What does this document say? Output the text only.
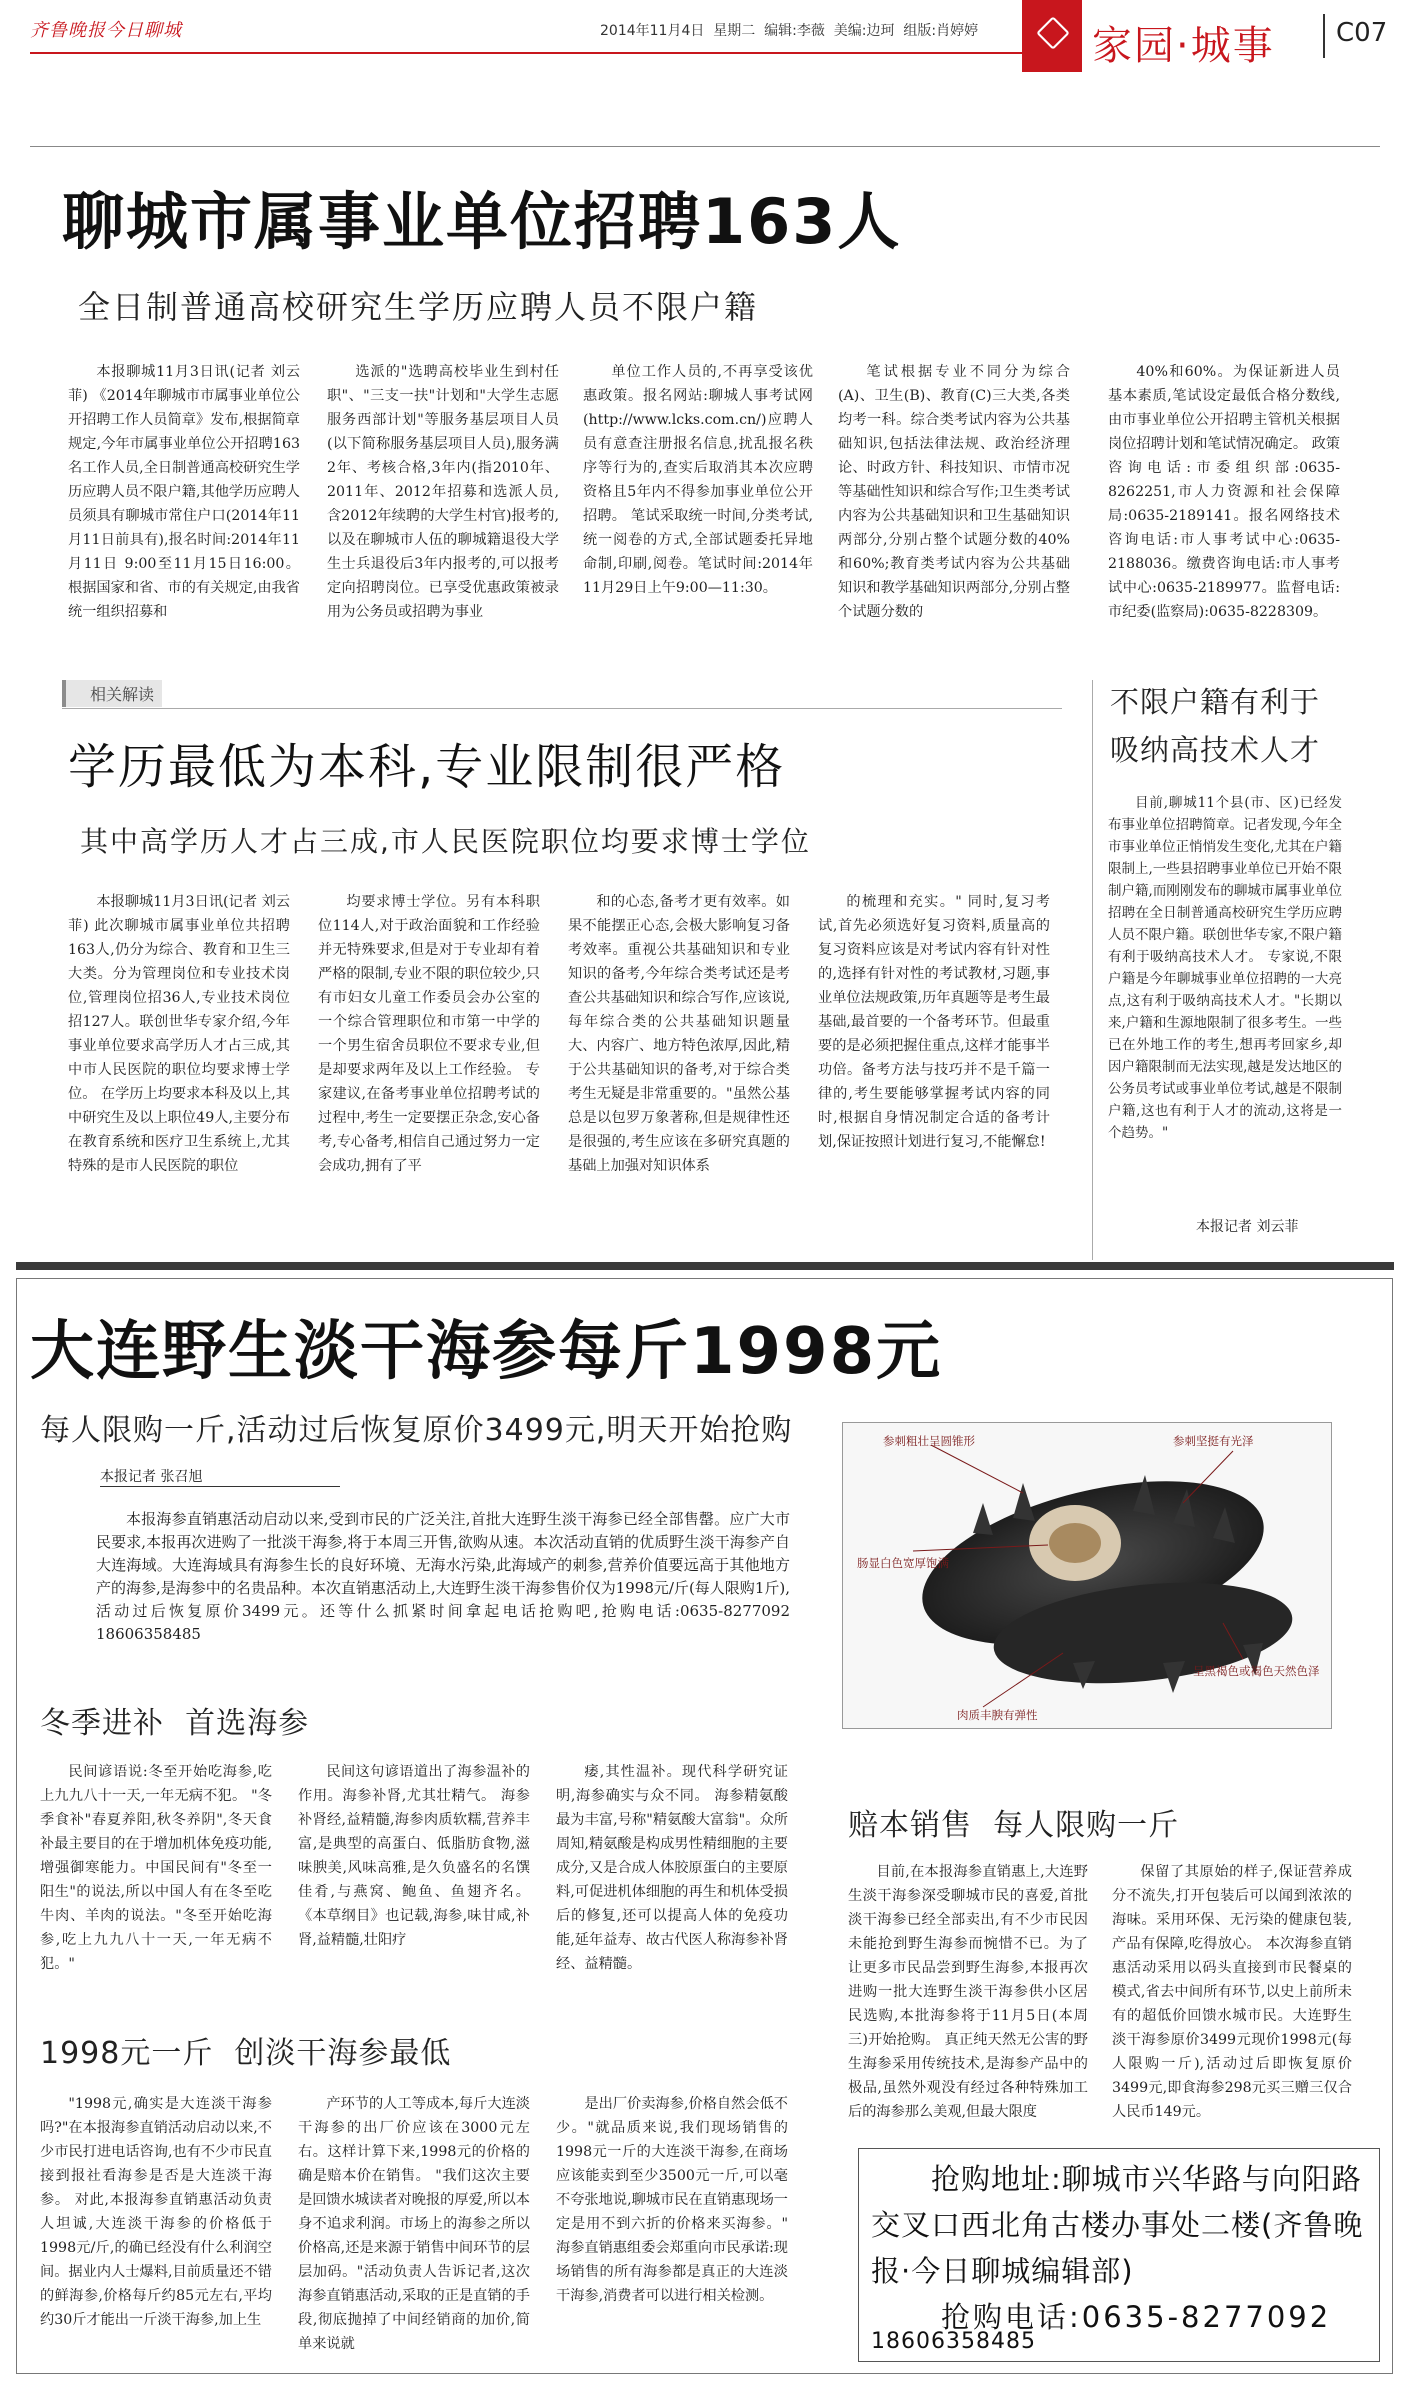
齐鲁晚报今日聊城	2014年11月4日  星期二  编辑:李薇  美编:边珂  组版:肖婷婷	家园·城事 C07
聊城市属事业单位招聘163人
全日制普通高校研究生学历应聘人员不限户籍

本报聊城11月3日讯(记者 刘云菲) 《2014年聊城市市属事业单位公开招聘工作人员简章》发布,根据简章规定,今年市属事业单位公开招聘163名工作人员,全日制普通高校研究生学历应聘人员不限户籍,其他学历应聘人员须具有聊城市常住户口(2014年11月11日前具有),报名时间:2014年11月11日 9:00至11月15日16:00。 根据国家和省、市的有关规定,由我省统一组织招募和

选派的"选聘高校毕业生到村任职"、"三支一扶"计划和"大学生志愿服务西部计划"等服务基层项目人员(以下简称服务基层项目人员),服务满2年、考核合格,3年内(指2010年、2011年、2012年招募和选派人员,含2012年续聘的大学生村官)报考的,以及在聊城市人伍的聊城籍退役大学生士兵退役后3年内报考的,可以报考定向招聘岗位。已享受优惠政策被录用为公务员或招聘为事业

单位工作人员的,不再享受该优惠政策。报名网站:聊城人事考试网(http://www.lcks.com.cn/)应聘人员有意查注册报名信息,扰乱报名秩序等行为的,查实后取消其本次应聘资格且5年内不得参加事业单位公开招聘。 笔试采取统一时间,分类考试,统一阅卷的方式,全部试题委托异地命制,印刷,阅卷。笔试时间:2014年11月29日上午9:00—11:30。

笔试根据专业不同分为综合(A)、卫生(B)、教育(C)三大类,各类均考一科。综合类考试内容为公共基础知识,包括法律法规、政治经济理论、时政方针、科技知识、市情市况等基础性知识和综合写作;卫生类考试内容为公共基础知识和卫生基础知识两部分,分别占整个试题分数的40%和60%;教育类考试内容为公共基础知识和教学基础知识两部分,分别占整个试题分数的

40%和60%。为保证新进人员基本素质,笔试设定最低合格分数线,由市事业单位公开招聘主管机关根据岗位招聘计划和笔试情况确定。 政策咨询电话:市委组织部:0635-8262251,市人力资源和社会保障局:0635-2189141。报名网络技术咨询电话:市人事考试中心:0635-2188036。缴费咨询电话:市人事考试中心:0635-2189977。监督电话:市纪委(监察局):0635-8228309。

相关解读
学历最低为本科,专业限制很严格
其中高学历人才占三成,市人民医院职位均要求博士学位

本报聊城11月3日讯(记者 刘云菲) 此次聊城市属事业单位共招聘163人,仍分为综合、教育和卫生三大类。分为管理岗位和专业技术岗位,管理岗位招36人,专业技术岗位招127人。联创世华专家介绍,今年事业单位要求高学历人才占三成,其中市人民医院的职位均要求博士学位。 在学历上均要求本科及以上,其中研究生及以上职位49人,主要分布在教育系统和医疗卫生系统上,尤其特殊的是市人民医院的职位

均要求博士学位。另有本科职位114人,对于政治面貌和工作经验并无特殊要求,但是对于专业却有着严格的限制,专业不限的职位较少,只有市妇女儿童工作委员会办公室的一个综合管理职位和市第一中学的一个男生宿舍员职位不要求专业,但是却要求两年及以上工作经验。 专家建议,在备考事业单位招聘考试的过程中,考生一定要摆正杂念,安心备考,专心备考,相信自己通过努力一定会成功,拥有了平

和的心态,备考才更有效率。如果不能摆正心态,会极大影响复习备考效率。重视公共基础知识和专业知识的备考,今年综合类考试还是考查公共基础知识和综合写作,应该说,每年综合类的公共基础知识题量大、内容广、地方特色浓厚,因此,精于公共基础知识的备考,对于综合类考生无疑是非常重要的。"虽然公基总是以包罗万象著称,但是规律性还是很强的,考生应该在多研究真题的基础上加强对知识体系

的梳理和充实。" 同时,复习考试,首先必须选好复习资料,质量高的复习资料应该是对考试内容有针对性的,选择有针对性的考试教材,习题,事业单位法规政策,历年真题等是考生最基础,最首要的一个备考环节。但最重要的是必须把握住重点,这样才能事半功倍。备考方法与技巧并不是千篇一律的,考生要能够掌握考试内容的同时,根据自身情况制定合适的备考计划,保证按照计划进行复习,不能懈怠!

不限户籍有利于
吸纳高技术人才

目前,聊城11个县(市、区)已经发布事业单位招聘简章。记者发现,今年全市事业单位正悄悄发生变化,尤其在户籍限制上,一些县招聘事业单位已开始不限制户籍,而刚刚发布的聊城市属事业单位招聘在全日制普通高校研究生学历应聘人员不限户籍。联创世华专家,不限户籍有利于吸纳高技术人才。 专家说,不限户籍是今年聊城事业单位招聘的一大亮点,这有利于吸纳高技术人才。"长期以来,户籍和生源地限制了很多考生。一些已在外地工作的考生,想再考回家乡,却因户籍限制而无法实现,越是发达地区的公务员考试或事业单位考试,越是不限制户籍,这也有利于人才的流动,这将是一个趋势。"

本报记者 刘云菲
大连野生淡干海参每斤1998元
每人限购一斤,活动过后恢复原价3499元,明天开始抢购
本报记者 张召旭

本报海参直销惠活动启动以来,受到市民的广泛关注,首批大连野生淡干海参已经全部售罄。应广大市民要求,本报再次进购了一批淡干海参,将于本周三开售,欲购从速。本次活动直销的优质野生淡干海参产自大连海域。大连海域具有海参生长的良好环境、无海水污染,此海域产的刺参,营养价值要远高于其他地方产的海参,是海参中的名贵品种。本次直销惠活动上,大连野生淡干海参售价仅为1998元/斤(每人限购1斤),活动过后恢复原价3499元。还等什么抓紧时间拿起电话抢购吧,抢购电话:0635-8277092 18606358485

参刺粗壮呈圆锥形	参刺坚挺有光泽
肠显白色宽厚饱满
呈黑褐色或褐色天然色泽
肉质丰腴有弹性
冬季进补  首选海参

民间谚语说:冬至开始吃海参,吃上九九八十一天,一年无病不犯。 "冬季食补"春夏养阳,秋冬养阴",冬天食补最主要目的在于增加机体免疫功能,增强御寒能力。中国民间有"冬至一阳生"的说法,所以中国人有在冬至吃牛肉、羊肉的说法。"冬至开始吃海参,吃上九九八十一天,一年无病不犯。"

民间这句谚语道出了海参温补的作用。海参补肾,尤其壮精气。 海参补肾经,益精髓,海参肉质软糯,营养丰富,是典型的高蛋白、低脂肪食物,滋味腴美,风味高雅,是久负盛名的名馔佳肴,与燕窝、鲍鱼、鱼翅齐名。 《本草纲目》也记载,海参,味甘咸,补肾,益精髓,壮阳疗

痿,其性温补。现代科学研究证明,海参确实与众不同。 海参精氨酸最为丰富,号称"精氨酸大富翁"。众所周知,精氨酸是构成男性精细胞的主要成分,又是合成人体胶原蛋白的主要原料,可促进机体细胞的再生和机体受损后的修复,还可以提高人体的免疫功能,延年益寿、故古代医人称海参补肾经、益精髓。

1998元一斤  创淡干海参最低

"1998元,确实是大连淡干海参吗?"在本报海参直销活动启动以来,不少市民打进电话咨询,也有不少市民直接到报社看海参是否是大连淡干海参。 对此,本报海参直销惠活动负责人坦诚,大连淡干海参的价格低于1998元/斤,的确已经没有什么利润空间。据业内人士爆料,目前质量还不错的鲜海参,价格每斤约85元左右,平均约30斤才能出一斤淡干海参,加上生

产环节的人工等成本,每斤大连淡干海参的出厂价应该在3000元左右。这样计算下来,1998元的价格的确是赔本价在销售。 "我们这次主要是回馈水城读者对晚报的厚爱,所以本身不追求利润。市场上的海参之所以价格高,还是来源于销售中间环节的层层加码。"活动负责人告诉记者,这次海参直销惠活动,采取的正是直销的手段,彻底抛掉了中间经销商的加价,简单来说就

是出厂价卖海参,价格自然会低不少。"就品质来说,我们现场销售的1998元一斤的大连淡干海参,在商场应该能卖到至少3500元一斤,可以毫不夸张地说,聊城市民在直销惠现场一定是用不到六折的价格来买海参。" 海参直销惠组委会郑重向市民承诺:现场销售的所有海参都是真正的大连淡干海参,消费者可以进行相关检测。

赔本销售  每人限购一斤

目前,在本报海参直销惠上,大连野生淡干海参深受聊城市民的喜爱,首批淡干海参已经全部卖出,有不少市民因未能抢到野生海参而惋惜不已。为了让更多市民品尝到野生海参,本报再次进购一批大连野生淡干海参供小区居民选购,本批海参将于11月5日(本周三)开始抢购。 真正纯天然无公害的野生海参采用传统技术,是海参产品中的极品,虽然外观没有经过各种特殊加工后的海参那么美观,但最大限度

保留了其原始的样子,保证营养成分不流失,打开包装后可以闻到浓浓的海味。采用环保、无污染的健康包装,产品有保障,吃得放心。 本次海参直销惠活动采用以码头直接到市民餐桌的模式,省去中间所有环节,以史上前所未有的超低价回馈水城市民。大连野生淡干海参原价3499元现价1998元(每人限购一斤),活动过后即恢复原价3499元,即食海参298元买三赠三仅合人民币149元。

抢购地址:聊城市兴华路与向阳路
交叉口西北角古楼办事处二楼(齐鲁晚
报·今日聊城编辑部)
抢购电话:0635-8277092
18606358485
